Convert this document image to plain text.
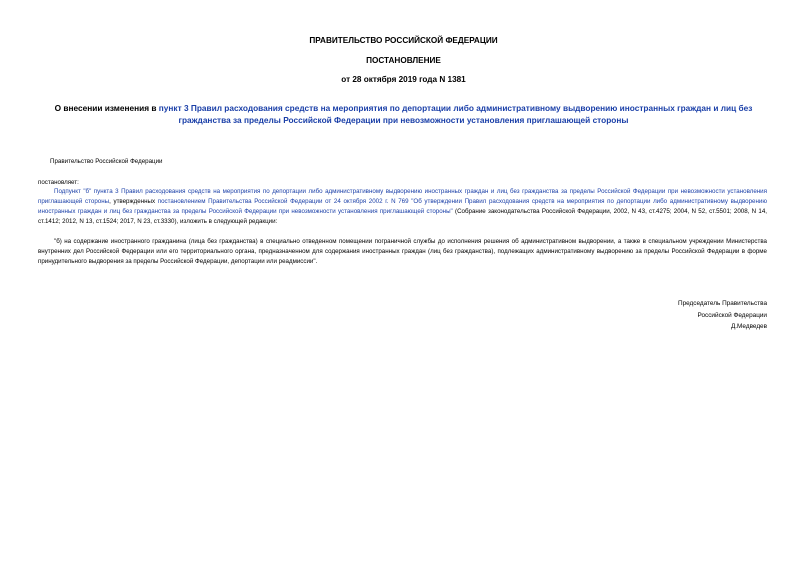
ПРАВИТЕЛЬСТВО РОССИЙСКОЙ ФЕДЕРАЦИИ
ПОСТАНОВЛЕНИЕ
от 28 октября 2019 года N 1381
О внесении изменения в пункт 3 Правил расходования средств на мероприятия по депортации либо административному выдворению иностранных граждан и лиц без гражданства за пределы Российской Федерации при невозможности установления приглашающей стороны
Правительство Российской Федерации
постановляет:
Подпункт "б" пункта 3 Правил расходования средств на мероприятия по депортации либо административному выдворению иностранных граждан и лиц без гражданства за пределы Российской Федерации при невозможности установления приглашающей стороны, утвержденных постановлением Правительства Российской Федерации от 24 октября 2002 г. N 769 "Об утверждении Правил расходования средств на мероприятия по депортации либо административному выдворению иностранных граждан и лиц без гражданства за пределы Российской Федерации при невозможности установления приглашающей стороны" (Собрание законодательства Российской Федерации, 2002, N 43, ст.4275; 2004, N 52, ст.5501; 2008, N 14, ст.1412; 2012, N 13, ст.1524; 2017, N 23, ст.3330), изложить в следующей редакции:
"б) на содержание иностранного гражданина (лица без гражданства) в специально отведенном помещении пограничной службы до исполнения решения об административном выдворении, а также в специальном учреждении Министерства внутренних дел Российской Федерации или его территориального органа, предназначенном для содержания иностранных граждан (лиц без гражданства), подлежащих административному выдворению за пределы Российской Федерации в форме принудительного выдворения за пределы Российской Федерации, депортации или реадмиссии".
Председатель Правительства
Российской Федерации
Д.Медведев
